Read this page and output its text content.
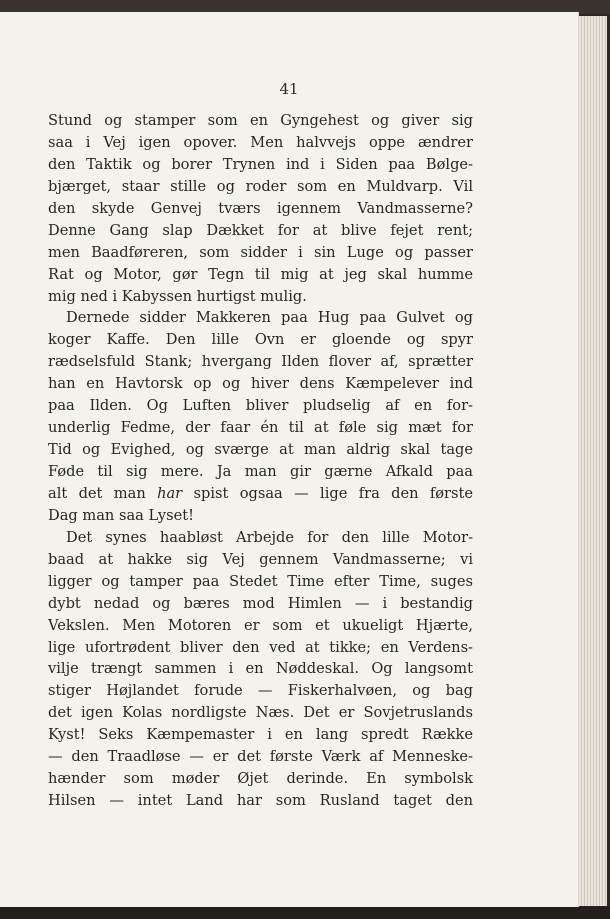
41
Stund og stamper som en Gyngehest og giver sig
saa i Vej igen opover. Men halvvejs oppe ændrer
den Taktik og borer Trynen ind i Siden paa Bølge-
bjærget, staar stille og roder som en Muldvarp. Vil
den skyde Genvej tværs igennem Vandmasserne?
Denne Gang slap Dækket for at blive fejet rent;
men Baadføreren, som sidder i sin Luge og passer
Rat og Motor, gør Tegn til mig at jeg skal humme
mig ned i Kabyssen hurtigst mulig.
Dernede sidder Makkeren paa Hug paa Gulvet og
koger Kaffe. Den lille Ovn er gloende og spyr
rædselsfuld Stank; hvergang Ilden flover af, sprætter
han en Havtorsk op og hiver dens Kæmpelever ind
paa Ilden. Og Luften bliver pludselig af en for-
underlig Fedme, der faar én til at føle sig mæt for
Tid og Evighed, og sværge at man aldrig skal tage
Føde til sig mere. Ja man gir gærne Afkald paa
alt det man har spist ogsaa — lige fra den første
Dag man saa Lyset!
Det synes haabløst Arbejde for den lille Motor-
baad at hakke sig Vej gennem Vandmasserne; vi
ligger og tamper paa Stedet Time efter Time, suges
dybt nedad og bæres mod Himlen — i bestandig
Vekslen. Men Motoren er som et ukueligt Hjærte,
lige ufortrødent bliver den ved at tikke; en Verdens-
vilje trængt sammen i en Nøddeskal. Og langsomt
stiger Højlandet forude — Fiskerhalvøen, og bag
det igen Kolas nordligste Næs. Det er Sovjetruslands
Kyst! Seks Kæmpemaster i en lang spredt Række
— den Traadløse — er det første Værk af Menneske-
hænder som møder Øjet derinde. En symbolsk
Hilsen — intet Land har som Rusland taget den
